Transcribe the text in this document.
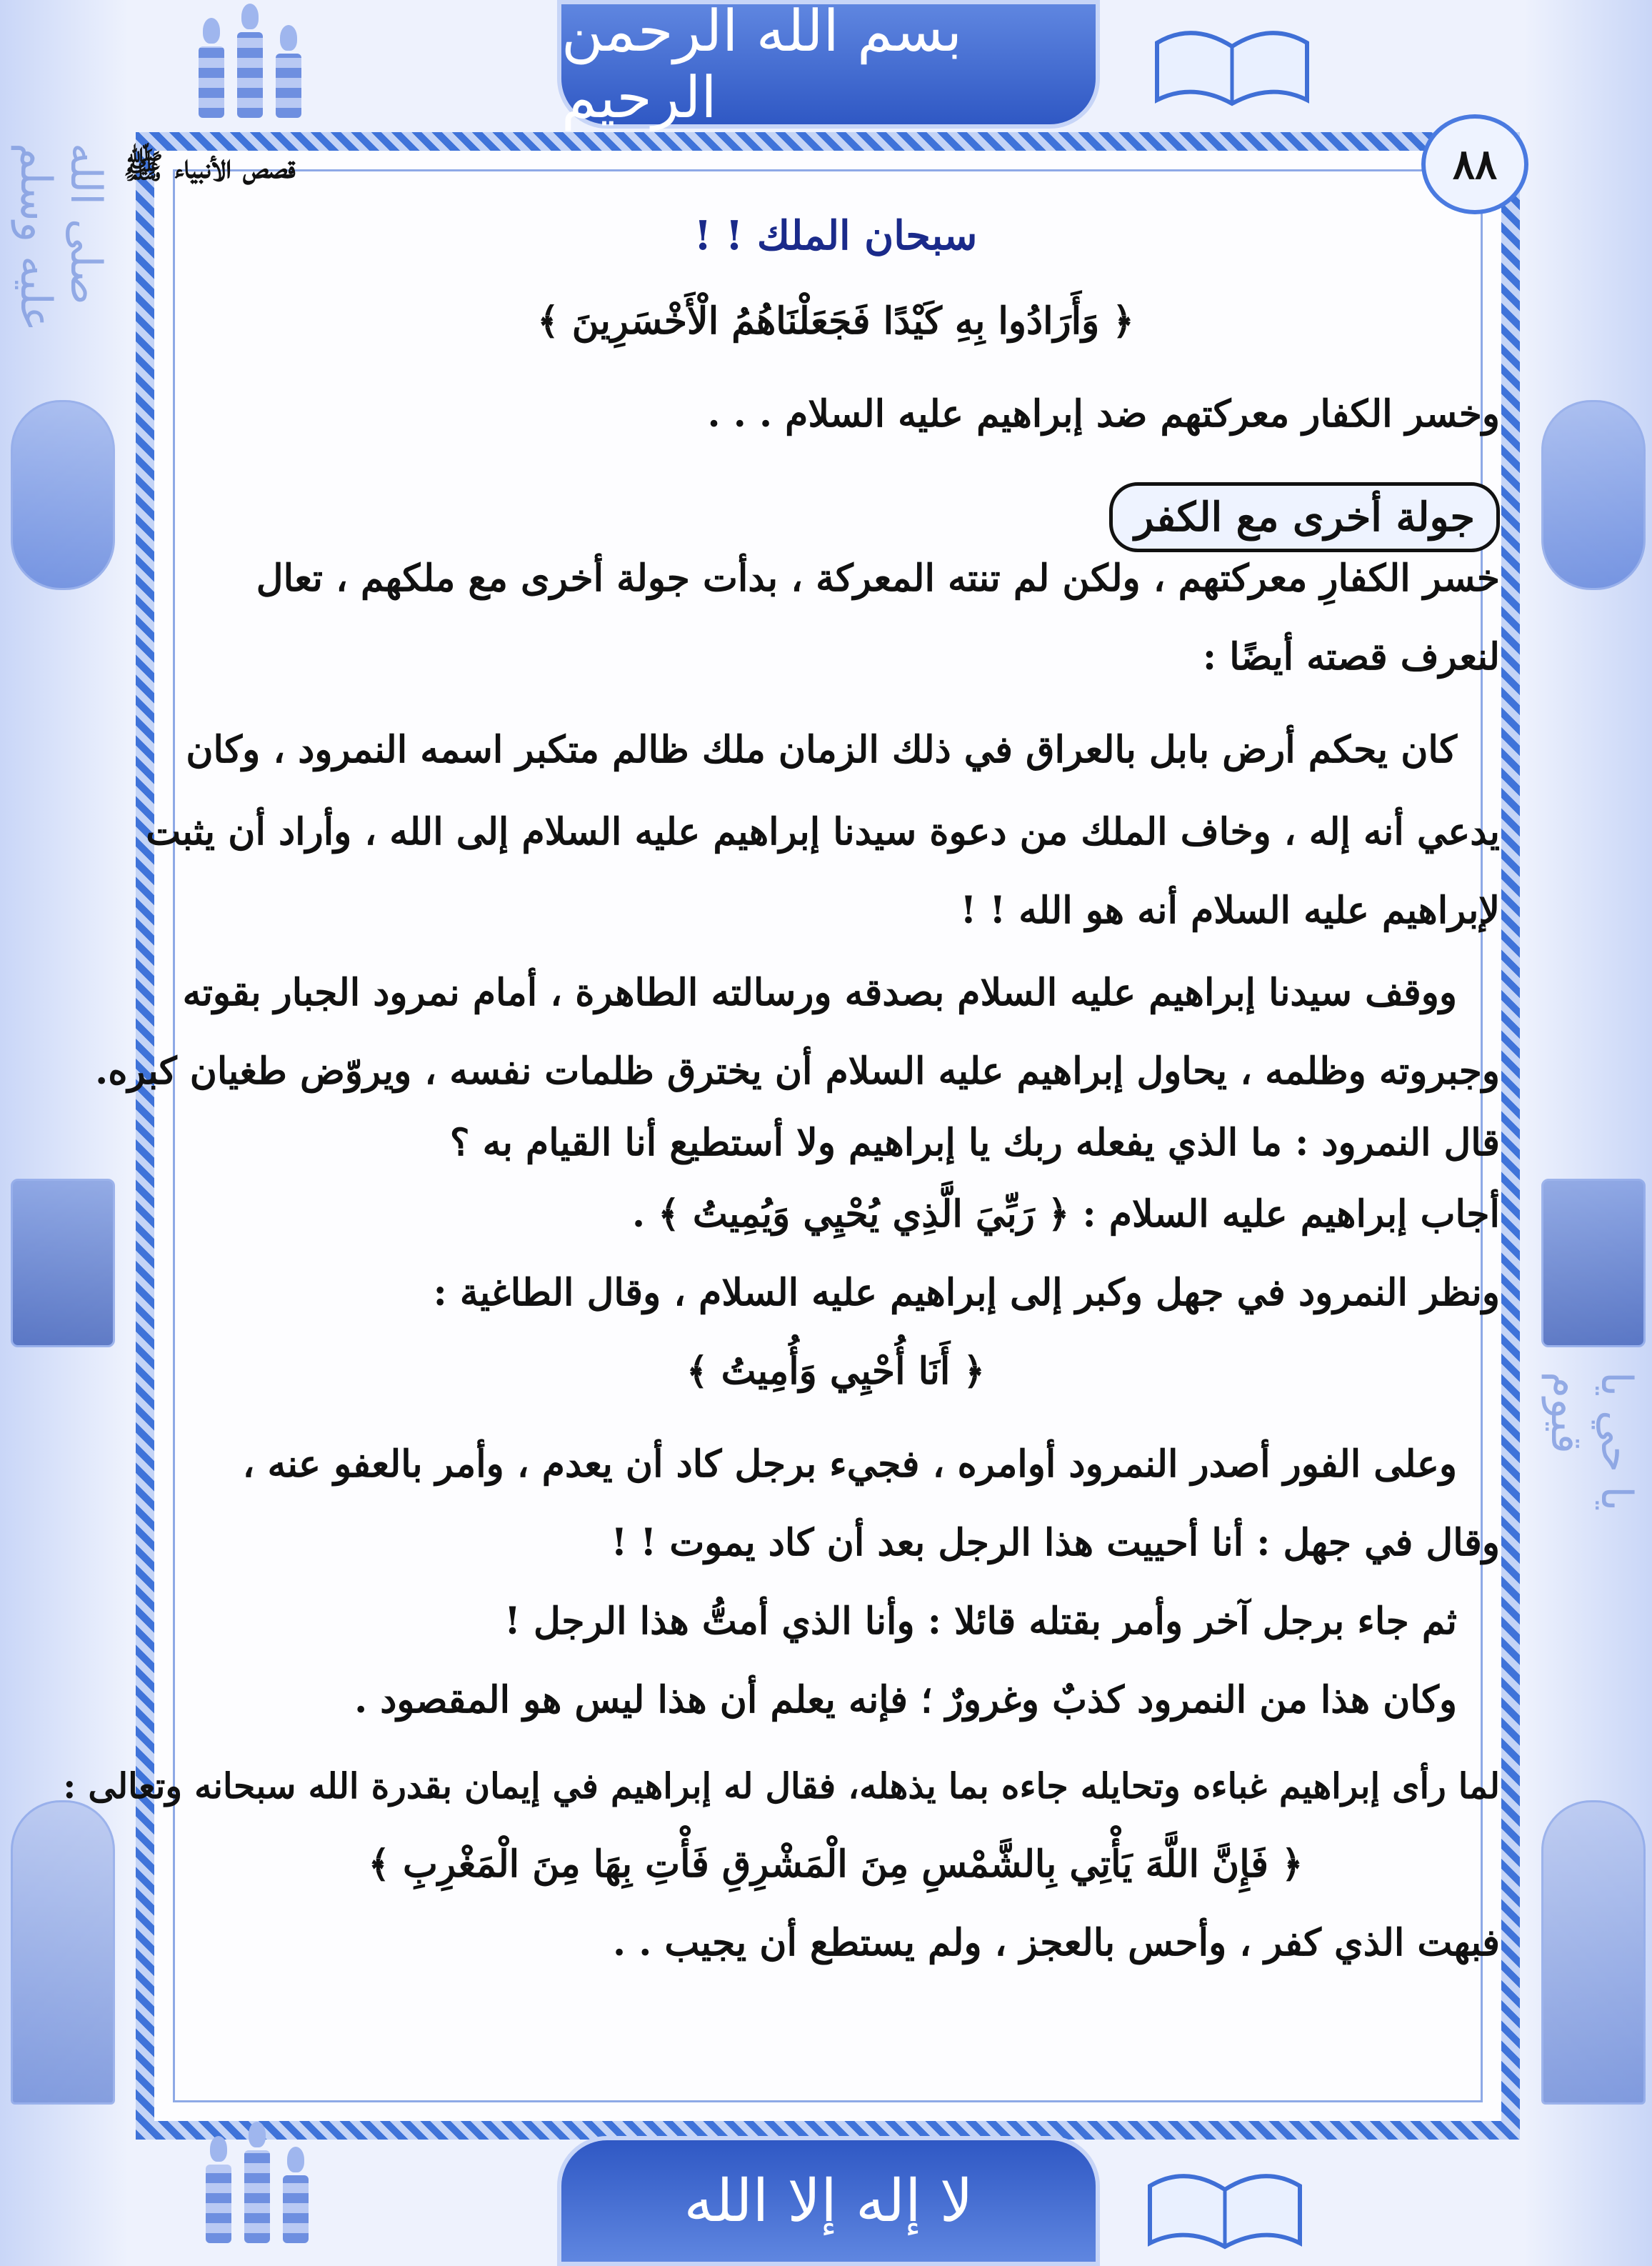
صلى الله عليه وسلم
يا حي يا قيوم
بسم الله الرحمن الرحيم
٨٨
قصص الأنبياء ﷺ
سبحان الملك ! !
﴿ وَأَرَادُوا بِهِ كَيْدًا فَجَعَلْنَاهُمُ الْأَخْسَرِينَ ﴾
وخسر الكفار معركتهم ضد إبراهيم عليه السلام . . .
جولة أخرى مع الكفر
خسر الكفارِ معركتهم ، ولكن لم تنته المعركة ، بدأت جولة أخرى مع ملكهم ، تعال
لنعرف قصته أيضًا :
كان يحكم أرض بابل بالعراق في ذلك الزمان ملك ظالم متكبر اسمه النمرود ، وكان
يدعي أنه إله ، وخاف الملك من دعوة سيدنا إبراهيم عليه السلام إلى الله ، وأراد أن يثبت
لإبراهيم عليه السلام أنه هو الله ! !
ووقف سيدنا إبراهيم عليه السلام بصدقه ورسالته الطاهرة ، أمام نمرود الجبار بقوته
وجبروته وظلمه ، يحاول إبراهيم عليه السلام أن يخترق ظلمات نفسه ، ويروّض طغيان كبره.
قال النمرود : ما الذي يفعله ربك يا إبراهيم ولا أستطيع أنا القيام به ؟
أجاب إبراهيم عليه السلام : ﴿ رَبِّيَ الَّذِي يُحْيِي وَيُمِيتُ ﴾ .
ونظر النمرود في جهل وكبر إلى إبراهيم عليه السلام ، وقال الطاغية :
﴿ أَنَا أُحْيِي وَأُمِيتُ ﴾
وعلى الفور أصدر النمرود أوامره ، فجيء برجل كاد أن يعدم ، وأمر بالعفو عنه ،
وقال في جهل : أنا أحييت هذا الرجل بعد أن كاد يموت ! !
ثم جاء برجل آخر وأمر بقتله قائلا : وأنا الذي أمتُّ هذا الرجل !
وكان هذا من النمرود كذبٌ وغرورٌ ؛ فإنه يعلم أن هذا ليس هو المقصود .
لما رأى إبراهيم غباءه وتحايله جاءه بما يذهله، فقال له إبراهيم في إيمان بقدرة الله سبحانه وتعالى :
﴿ فَإِنَّ اللَّهَ يَأْتِي بِالشَّمْسِ مِنَ الْمَشْرِقِ فَأْتِ بِهَا مِنَ الْمَغْرِبِ ﴾
فبهت الذي كفر ، وأحس بالعجز ، ولم يستطع أن يجيب . .
لا إله إلا الله
